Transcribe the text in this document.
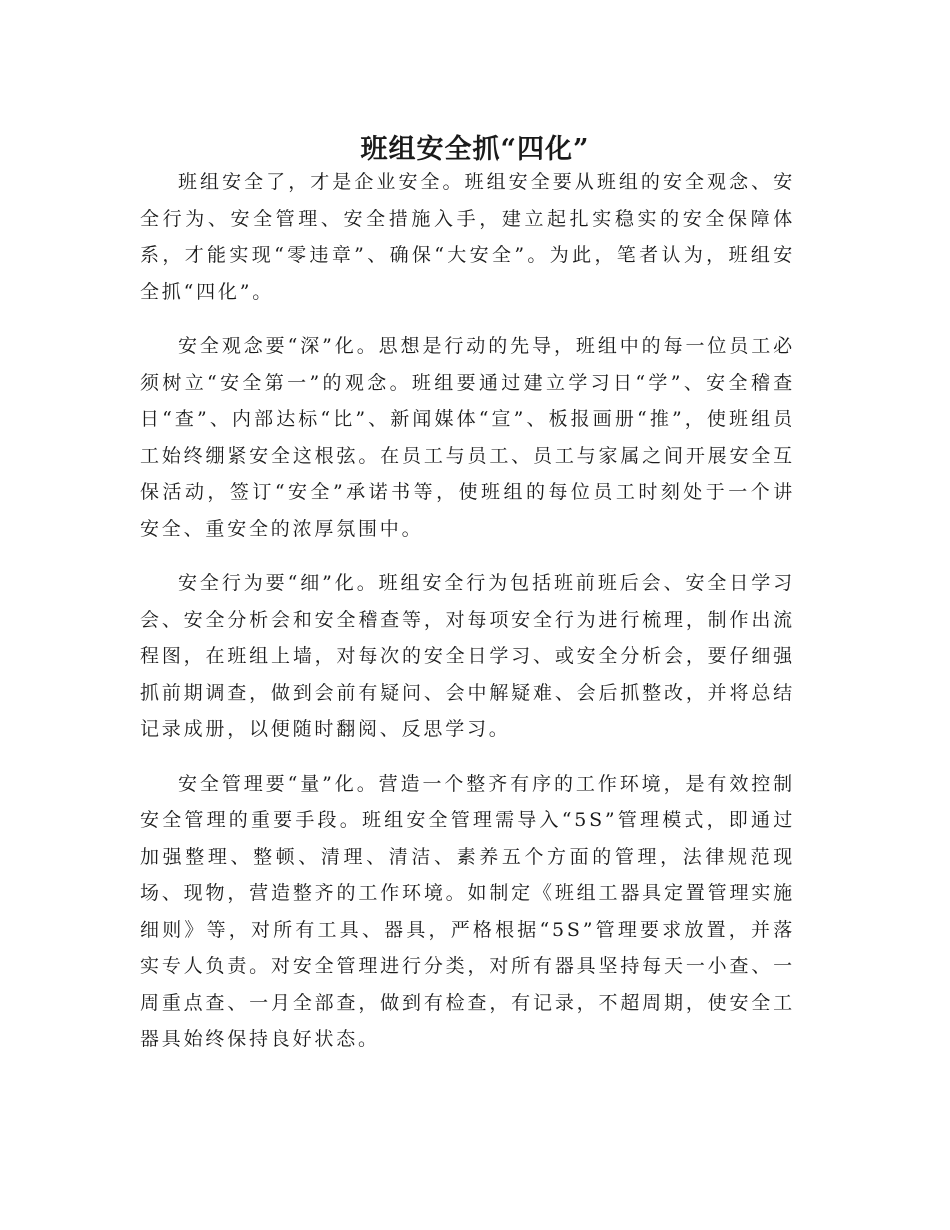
班组安全抓“四化”

班组安全了，才是企业安全。班组安全要从班组的安全观念、安全行为、安全管理、安全措施入手，建立起扎实稳实的安全保障体系，才能实现“零违章”、确保“大安全”。为此，笔者认为，班组安全抓“四化”。

安全观念要“深”化。思想是行动的先导，班组中的每一位员工必须树立“安全第一”的观念。班组要通过建立学习日“学”、安全稽查日“查”、内部达标“比”、新闻媒体“宣”、板报画册“推”，使班组员工始终绷紧安全这根弦。在员工与员工、员工与家属之间开展安全互保活动，签订“安全”承诺书等，使班组的每位员工时刻处于一个讲安全、重安全的浓厚氛围中。

安全行为要“细”化。班组安全行为包括班前班后会、安全日学习会、安全分析会和安全稽查等，对每项安全行为进行梳理，制作出流程图，在班组上墙，对每次的安全日学习、或安全分析会，要仔细强抓前期调查，做到会前有疑问、会中解疑难、会后抓整改，并将总结记录成册，以便随时翻阅、反思学习。

安全管理要“量”化。营造一个整齐有序的工作环境，是有效控制安全管理的重要手段。班组安全管理需导入“5S”管理模式，即通过加强整理、整顿、清理、清洁、素养五个方面的管理，法律规范现场、现物，营造整齐的工作环境。如制定《班组工器具定置管理实施细则》等，对所有工具、器具，严格根据“5S”管理要求放置，并落实专人负责。对安全管理进行分类，对所有器具坚持每天一小查、一周重点查、一月全部查，做到有检查，有记录，不超周期，使安全工器具始终保持良好状态。
